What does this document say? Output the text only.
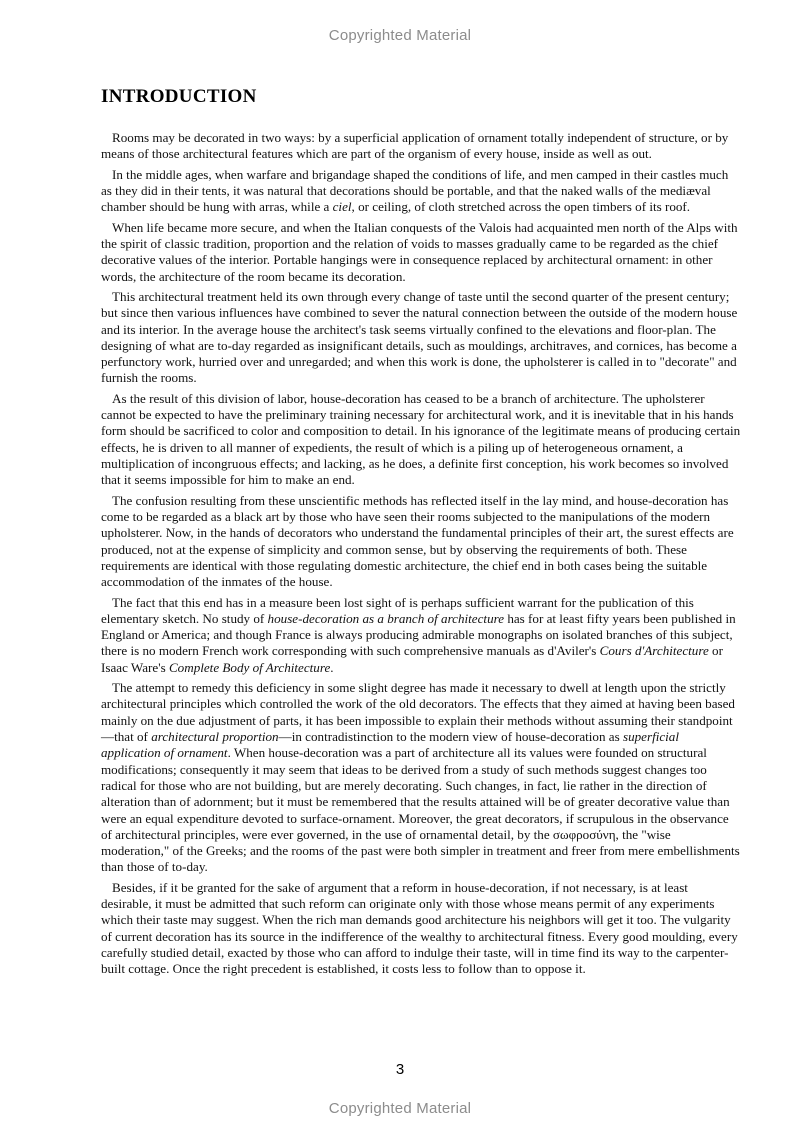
Copyrighted Material
INTRODUCTION

Rooms may be decorated in two ways: by a superficial application of ornament totally independent of structure, or by means of those architectural features which are part of the organism of every house, inside as well as out.

In the middle ages, when warfare and brigandage shaped the conditions of life, and men camped in their castles much as they did in their tents, it was natural that decorations should be portable, and that the naked walls of the mediæval chamber should be hung with arras, while a ciel, or ceiling, of cloth stretched across the open timbers of its roof.

When life became more secure, and when the Italian conquests of the Valois had acquainted men north of the Alps with the spirit of classic tradition, proportion and the relation of voids to masses gradually came to be regarded as the chief decorative values of the interior. Portable hangings were in consequence replaced by architectural ornament: in other words, the architecture of the room became its decoration.

This architectural treatment held its own through every change of taste until the second quarter of the present century; but since then various influences have combined to sever the natural connection between the outside of the modern house and its interior. In the average house the architect's task seems virtually confined to the elevations and floor-plan. The designing of what are to-day regarded as insignificant details, such as mouldings, architraves, and cornices, has become a perfunctory work, hurried over and unregarded; and when this work is done, the upholsterer is called in to "decorate" and furnish the rooms.

As the result of this division of labor, house-decoration has ceased to be a branch of architecture. The upholsterer cannot be expected to have the preliminary training necessary for architectural work, and it is inevitable that in his hands form should be sacrificed to color and composition to detail. In his ignorance of the legitimate means of producing certain effects, he is driven to all manner of expedients, the result of which is a piling up of heterogeneous ornament, a multiplication of incongruous effects; and lacking, as he does, a definite first conception, his work becomes so involved that it seems impossible for him to make an end.

The confusion resulting from these unscientific methods has reflected itself in the lay mind, and house-decoration has come to be regarded as a black art by those who have seen their rooms subjected to the manipulations of the modern upholsterer. Now, in the hands of decorators who understand the fundamental principles of their art, the surest effects are produced, not at the expense of simplicity and common sense, but by observing the requirements of both. These requirements are identical with those regulating domestic architecture, the chief end in both cases being the suitable accommodation of the inmates of the house.

The fact that this end has in a measure been lost sight of is perhaps sufficient warrant for the publication of this elementary sketch. No study of house-decoration as a branch of architecture has for at least fifty years been published in England or America; and though France is always producing admirable monographs on isolated branches of this subject, there is no modern French work corresponding with such comprehensive manuals as d'Aviler's Cours d'Architecture or Isaac Ware's Complete Body of Architecture.

The attempt to remedy this deficiency in some slight degree has made it necessary to dwell at length upon the strictly architectural principles which controlled the work of the old decorators. The effects that they aimed at having been based mainly on the due adjustment of parts, it has been impossible to explain their methods without assuming their standpoint—that of architectural proportion—in contradistinction to the modern view of house-decoration as superficial application of ornament. When house-decoration was a part of architecture all its values were founded on structural modifications; consequently it may seem that ideas to be derived from a study of such methods suggest changes too radical for those who are not building, but are merely decorating. Such changes, in fact, lie rather in the direction of alteration than of adornment; but it must be remembered that the results attained will be of greater decorative value than were an equal expenditure devoted to surface-ornament. Moreover, the great decorators, if scrupulous in the observance of architectural principles, were ever governed, in the use of ornamental detail, by the σωφροσύνη, the "wise moderation," of the Greeks; and the rooms of the past were both simpler in treatment and freer from mere embellishments than those of to-day.

Besides, if it be granted for the sake of argument that a reform in house-decoration, if not necessary, is at least desirable, it must be admitted that such reform can originate only with those whose means permit of any experiments which their taste may suggest. When the rich man demands good architecture his neighbors will get it too. The vulgarity of current decoration has its source in the indifference of the wealthy to architectural fitness. Every good moulding, every carefully studied detail, exacted by those who can afford to indulge their taste, will in time find its way to the carpenter-built cottage. Once the right precedent is established, it costs less to follow than to oppose it.

3
Copyrighted Material
